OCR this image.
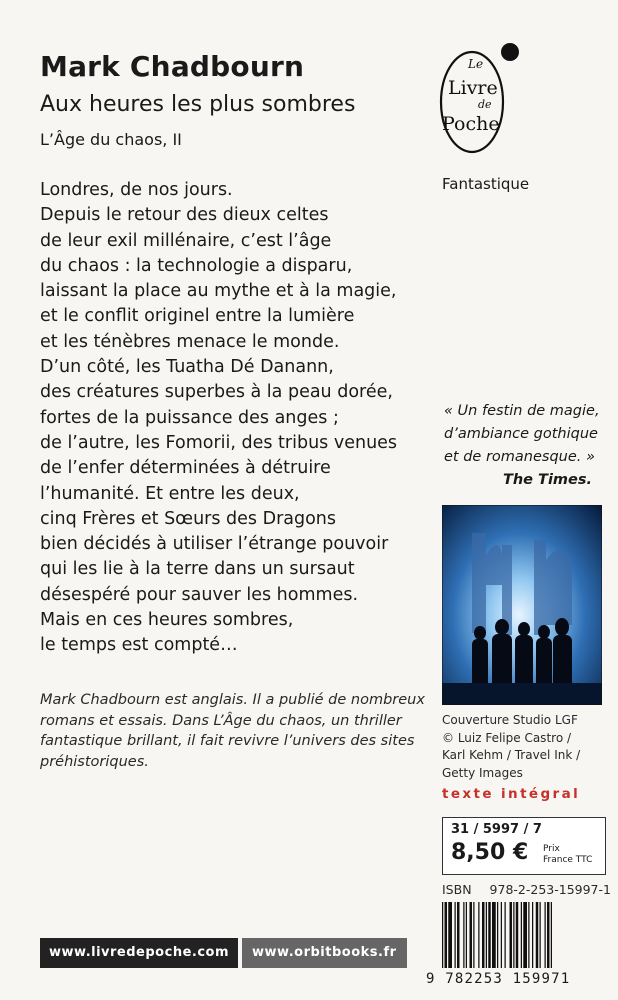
Mark Chadbourn
Aux heures les plus sombres
L’Âge du chaos, II
Le
Livre
de
Poche
Fantastique
Londres, de nos jours.
Depuis le retour des dieux celtes
de leur exil millénaire, c’est l’âge
du chaos : la technologie a disparu,
laissant la place au mythe et à la magie,
et le conflit originel entre la lumière
et les ténèbres menace le monde.
D’un côté, les Tuatha Dé Danann,
des créatures superbes à la peau dorée,
fortes de la puissance des anges ;
de l’autre, les Fomorii, des tribus venues
de l’enfer déterminées à détruire
l’humanité. Et entre les deux,
cinq Frères et Sœurs des Dragons
bien décidés à utiliser l’étrange pouvoir
qui les lie à la terre dans un sursaut
désespéré pour sauver les hommes.
Mais en ces heures sombres,
le temps est compté…
Mark Chadbourn est anglais. Il a publié de nombreux
romans et essais. Dans L’Âge du chaos, un thriller
fantastique brillant, il fait revivre l’univers des sites
préhistoriques.
« Un festin de magie,
d’ambiance gothique
et de romanesque. »
The Times.
Couverture Studio LGF
© Luiz Felipe Castro /
Karl Kehm / Travel Ink /
Getty Images
texte intégral
31 / 5997 / 7
8,50 € Prix
France TTC
ISBN 978-2-253-15997-1
9 782253 159971
www.livredepoche.com	www.orbitbooks.fr
